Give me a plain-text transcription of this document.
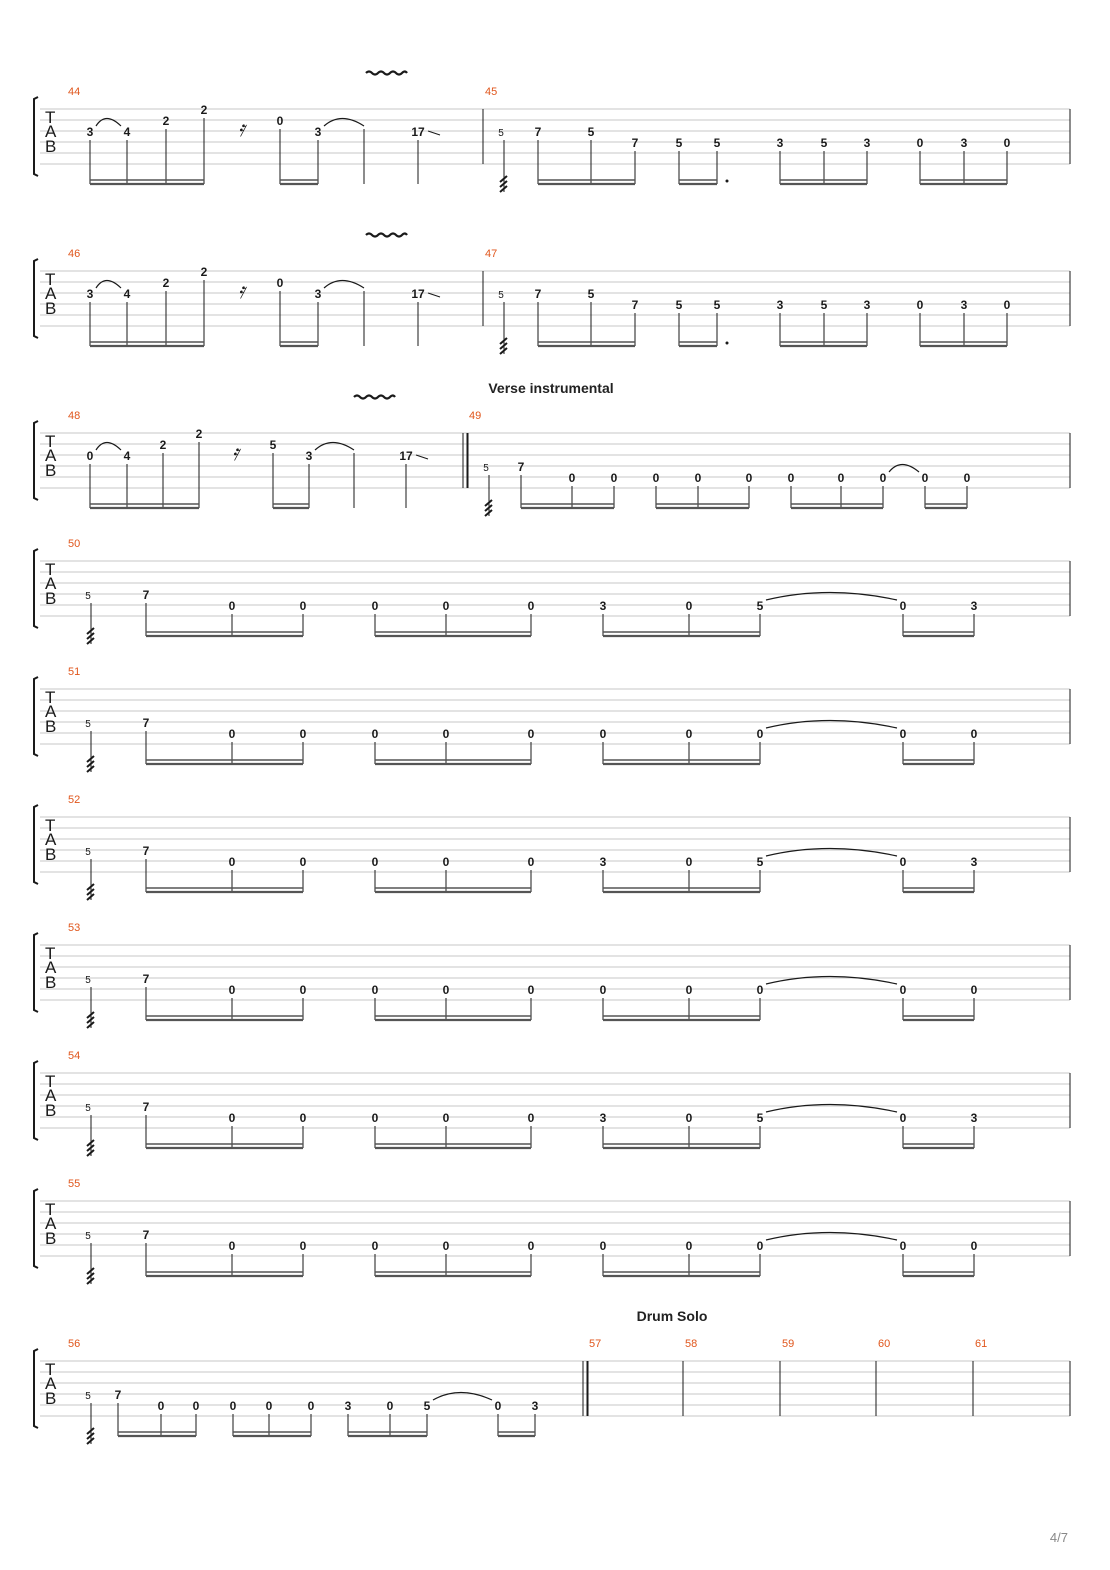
T
A
B
44
3	4
2
2
𝄿	0
3	17
45
5	7	5
7	5	5	3	5	3	0	3	0
T
A
B
46
3	4
2
2
𝄿	0
3	17
47
5	7	5
7	5	5	3	5	3	0	3	0
T
A
B
Verse instrumental
48
0	4
2
2
𝄿	5
3	17
49
5 7
0	0	0	0	0	0	0	0	0	0
T
A
B
50
5	7
0	0	0	0	0	3	0	5	0	3
T
A
B
51
5	7
0	0	0	0	0	0	0	0	0	0
T
A
B
52
5	7
0	0	0	0	0	3	0	5	0	3
T
A
B
53
5	7
0	0	0	0	0	0	0	0	0	0
T
A
B
54
5	7
0	0	0	0	0	3	0	5	0	3
T
A
B
55
5	7
0	0	0	0	0	0	0	0	0	0
T
A
B
Drum Solo
56
5 7
0 0	0 0	0	3	0	5	0	3
57	58	59	60	61
4/7
